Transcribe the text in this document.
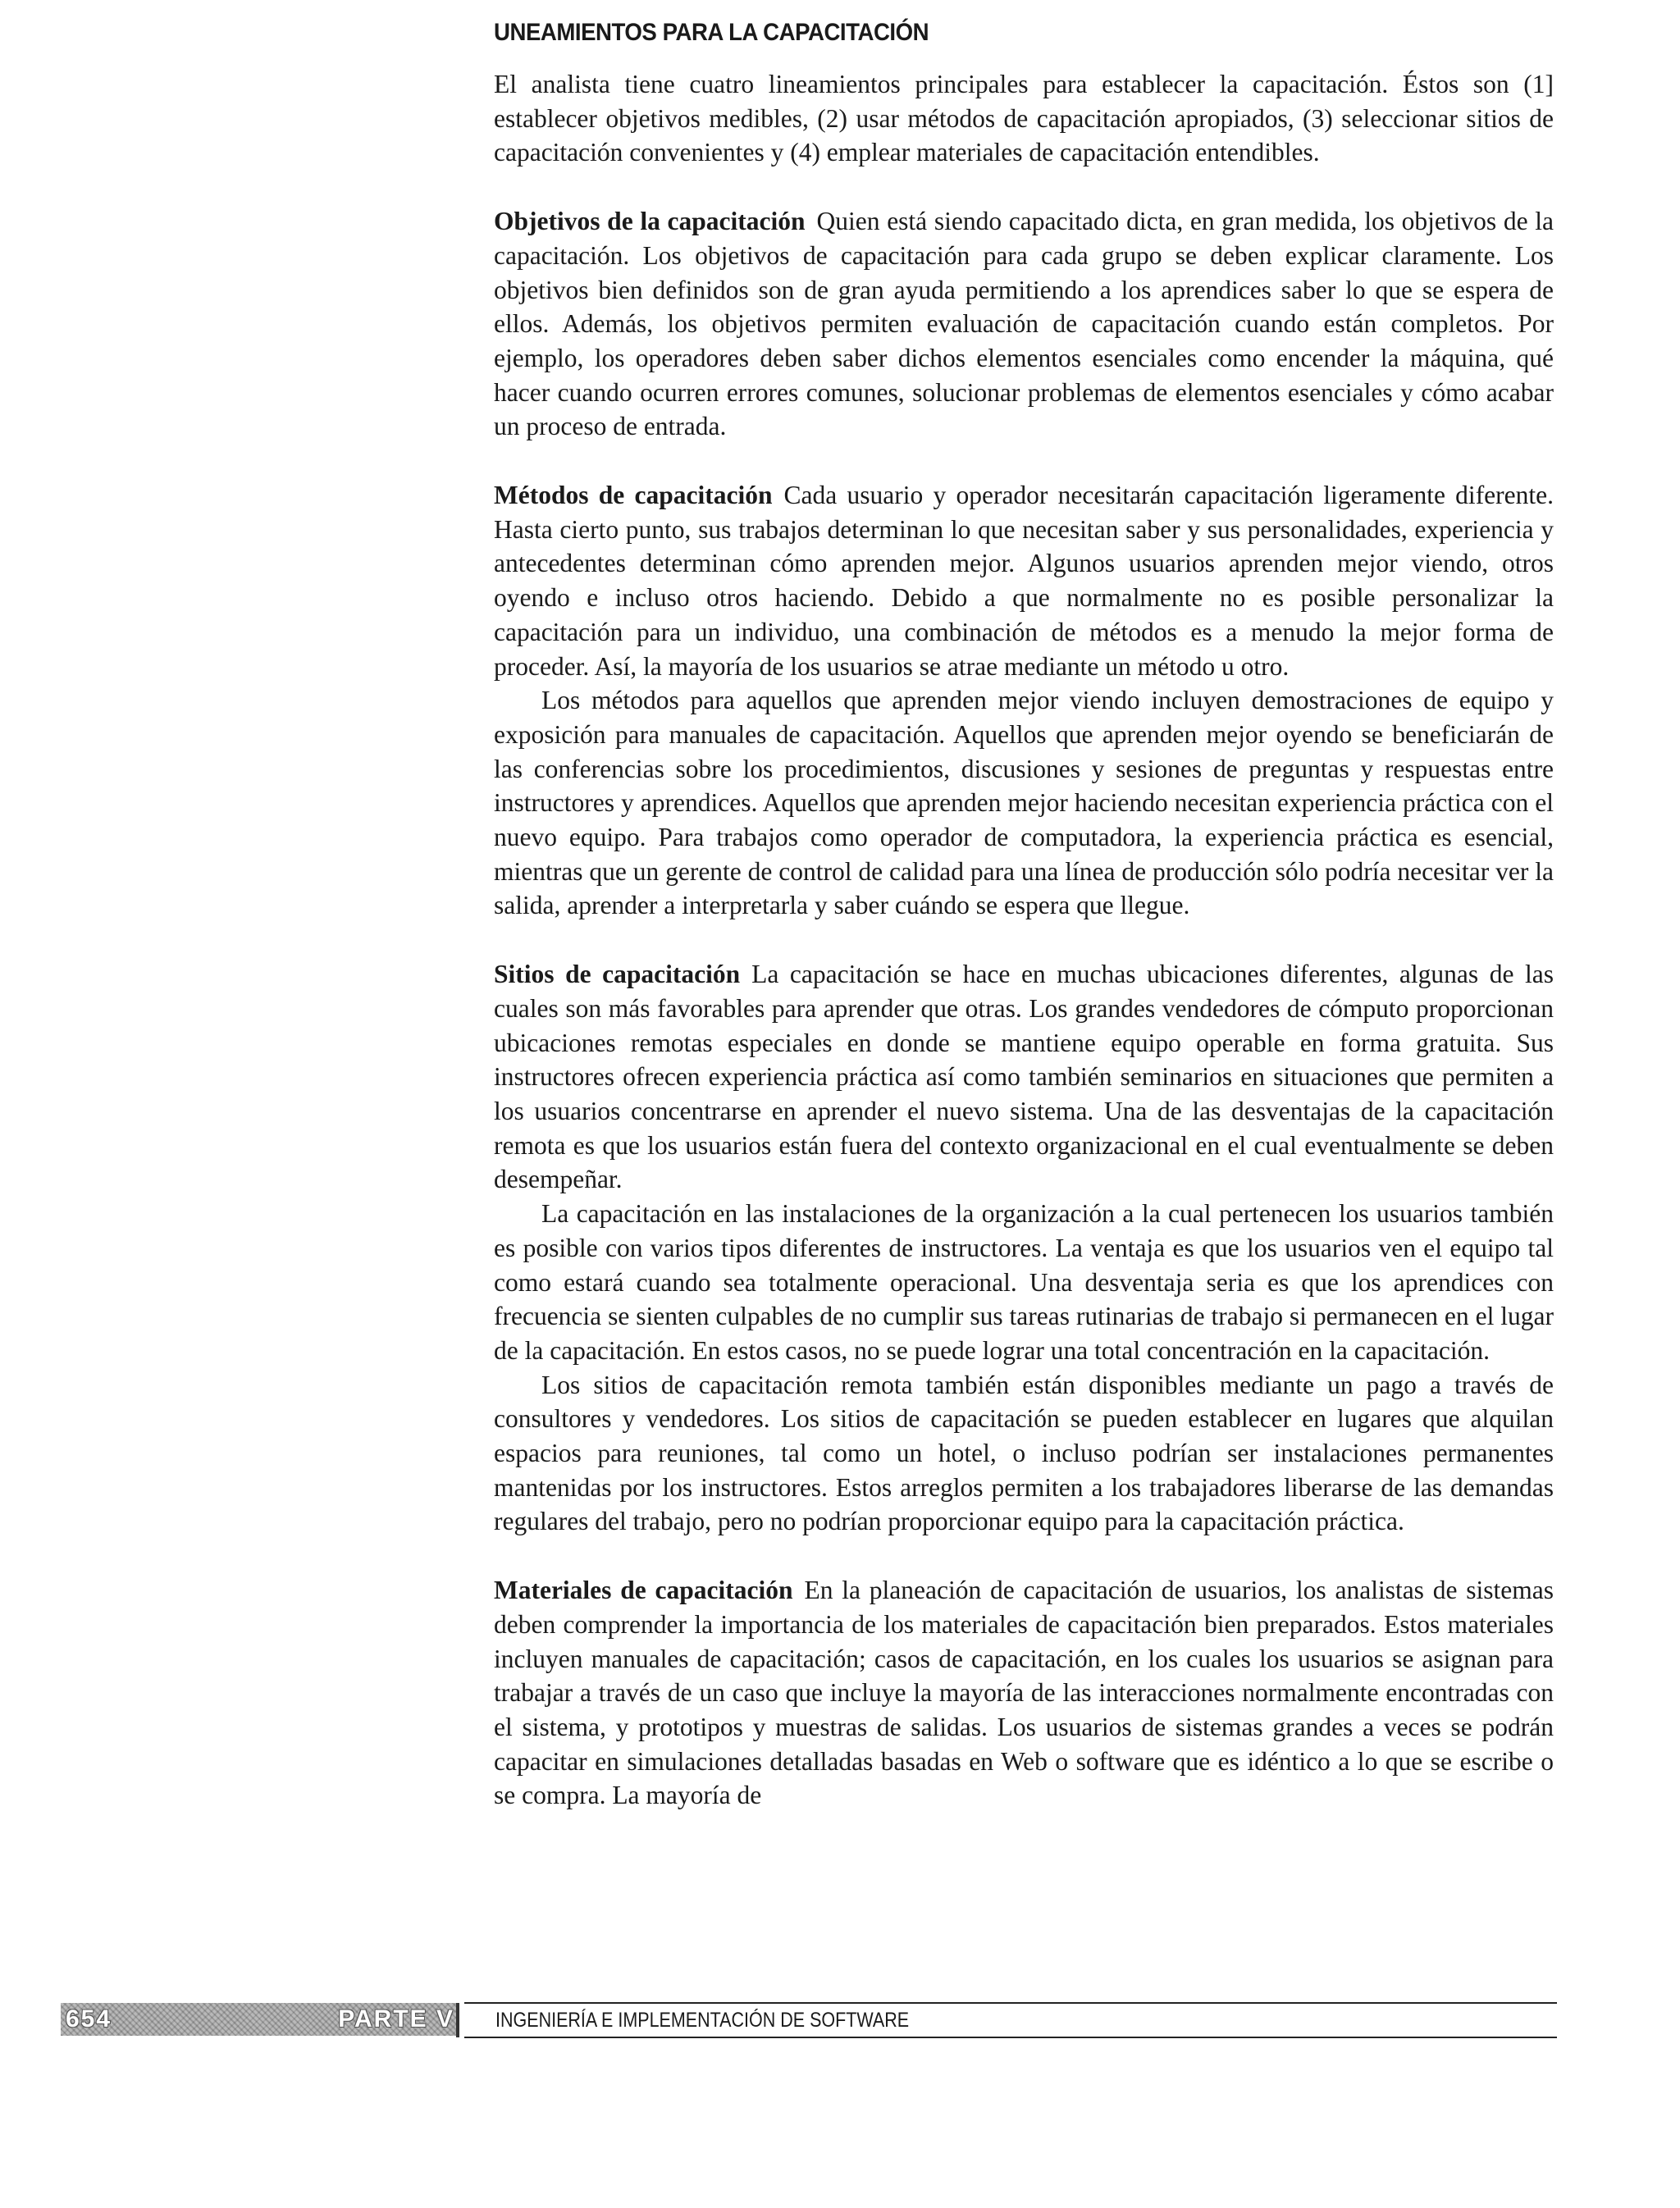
UNEAMIENTOS PARA LA CAPACITACIÓN

El analista tiene cuatro lineamientos principales para establecer la capacitación. Éstos son (1] establecer objetivos medibles, (2) usar métodos de capacitación apropiados, (3) seleccionar sitios de capacitación convenientes y (4) emplear materiales de capacitación entendibles.

Objetivos de la capacitación Quien está siendo capacitado dicta, en gran medida, los objetivos de la capacitación. Los objetivos de capacitación para cada grupo se deben explicar claramente. Los objetivos bien definidos son de gran ayuda permitiendo a los aprendices saber lo que se espera de ellos. Además, los objetivos permiten evaluación de capacitación cuando están completos. Por ejemplo, los operadores deben saber dichos elementos esenciales como encender la máquina, qué hacer cuando ocurren errores comunes, solucionar problemas de elementos esenciales y cómo acabar un proceso de entrada.

Métodos de capacitación Cada usuario y operador necesitarán capacitación ligeramente diferente. Hasta cierto punto, sus trabajos determinan lo que necesitan saber y sus personalidades, experiencia y antecedentes determinan cómo aprenden mejor. Algunos usuarios aprenden mejor viendo, otros oyendo e incluso otros haciendo. Debido a que normalmente no es posible personalizar la capacitación para un individuo, una combinación de métodos es a menudo la mejor forma de proceder. Así, la mayoría de los usuarios se atrae mediante un método u otro.

Los métodos para aquellos que aprenden mejor viendo incluyen demostraciones de equipo y exposición para manuales de capacitación. Aquellos que aprenden mejor oyendo se beneficiarán de las conferencias sobre los procedimientos, discusiones y sesiones de preguntas y respuestas entre instructores y aprendices. Aquellos que aprenden mejor haciendo necesitan experiencia práctica con el nuevo equipo. Para trabajos como operador de computadora, la experiencia práctica es esencial, mientras que un gerente de control de calidad para una línea de producción sólo podría necesitar ver la salida, aprender a interpretarla y saber cuándo se espera que llegue.

Sitios de capacitación La capacitación se hace en muchas ubicaciones diferentes, algunas de las cuales son más favorables para aprender que otras. Los grandes vendedores de cómputo proporcionan ubicaciones remotas especiales en donde se mantiene equipo operable en forma gratuita. Sus instructores ofrecen experiencia práctica así como también seminarios en situaciones que permiten a los usuarios concentrarse en aprender el nuevo sistema. Una de las desventajas de la capacitación remota es que los usuarios están fuera del contexto organizacional en el cual eventualmente se deben desempeñar.

La capacitación en las instalaciones de la organización a la cual pertenecen los usuarios también es posible con varios tipos diferentes de instructores. La ventaja es que los usuarios ven el equipo tal como estará cuando sea totalmente operacional. Una desventaja seria es que los aprendices con frecuencia se sienten culpables de no cumplir sus tareas rutinarias de trabajo si permanecen en el lugar de la capacitación. En estos casos, no se puede lograr una total concentración en la capacitación.

Los sitios de capacitación remota también están disponibles mediante un pago a través de consultores y vendedores. Los sitios de capacitación se pueden establecer en lugares que alquilan espacios para reuniones, tal como un hotel, o incluso podrían ser instalaciones permanentes mantenidas por los instructores. Estos arreglos permiten a los trabajadores liberarse de las demandas regulares del trabajo, pero no podrían proporcionar equipo para la capacitación práctica.

Materiales de capacitación En la planeación de capacitación de usuarios, los analistas de sistemas deben comprender la importancia de los materiales de capacitación bien preparados. Estos materiales incluyen manuales de capacitación; casos de capacitación, en los cuales los usuarios se asignan para trabajar a través de un caso que incluye la mayoría de las interacciones normalmente encontradas con el sistema, y prototipos y muestras de salidas. Los usuarios de sistemas grandes a veces se podrán capacitar en simulaciones detalladas basadas en Web o software que es idéntico a lo que se escribe o se compra. La mayoría de

654	PARTE V INGENIERÍA E IMPLEMENTACIÓN DE SOFTWARE
